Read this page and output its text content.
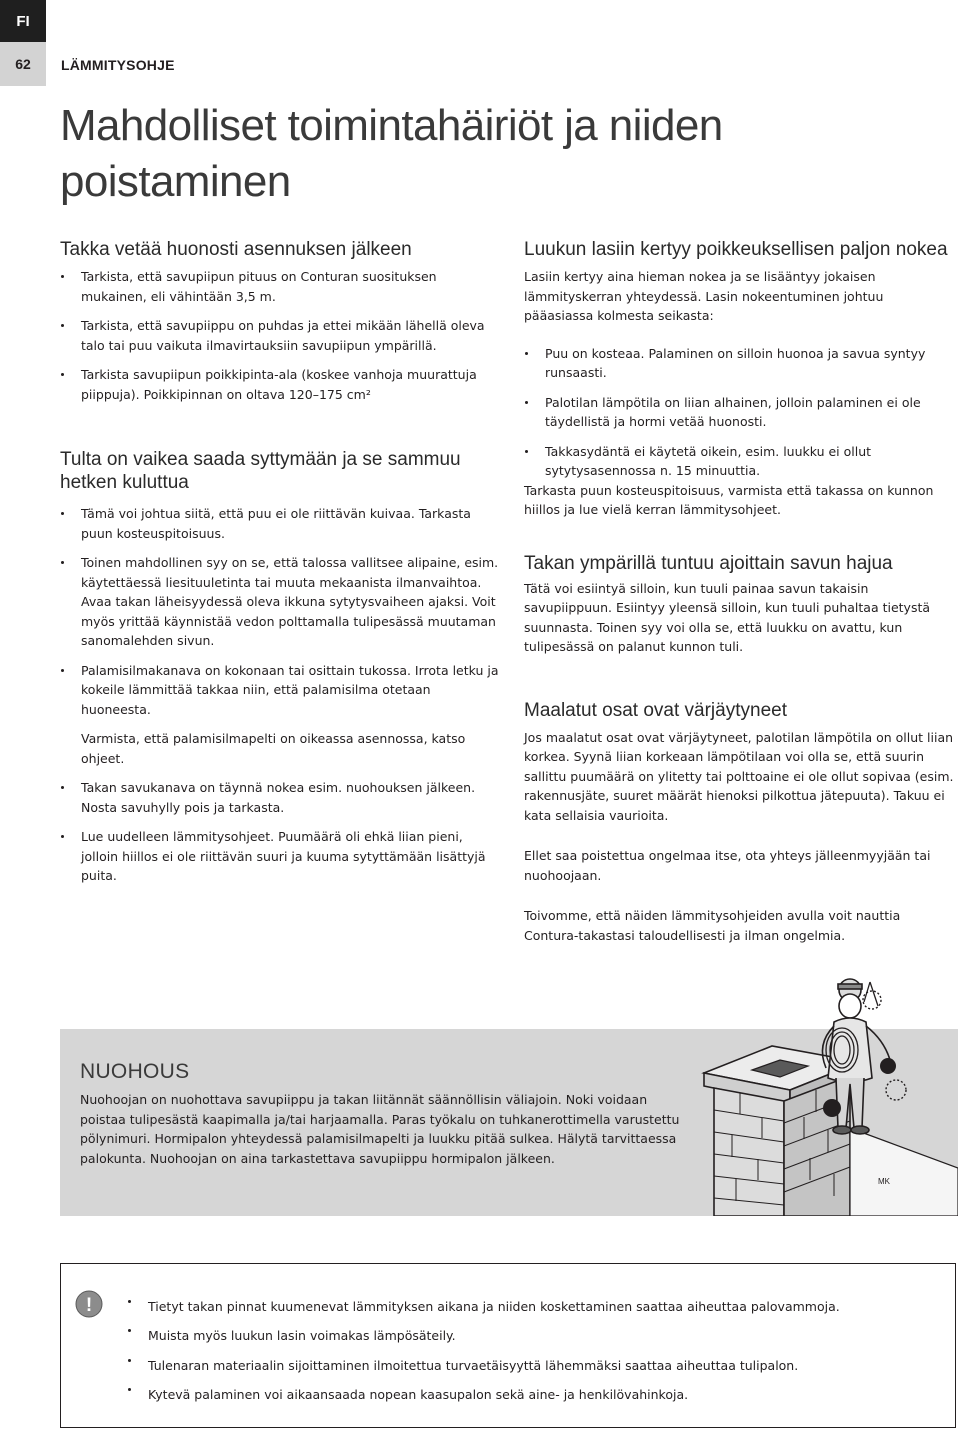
FI
62	LÄMMITYSOHJE
Mahdolliset toimintahäiriöt ja niiden poistaminen
Takka vetää huonosti asennuksen jälkeen
Tarkista, että savupiipun pituus on Conturan suosituksen mukainen, eli vähintään 3,5 m.
Tarkista, että savupiippu on puhdas ja ettei mikään lähellä oleva talo tai puu vaikuta ilmavirtauksiin savupiipun ympärillä.
Tarkista savupiipun poikkipinta-ala (koskee vanhoja muurattuja piippuja). Poikkipinnan on oltava 120–175 cm²
Tulta on vaikea saada syttymään ja se sammuu hetken kuluttua
Tämä voi johtua siitä, että puu ei ole riittävän kuivaa. Tarkasta puun kosteuspitoisuus.
Toinen mahdollinen syy on se, että talossa vallitsee alipaine, esim. käytettäessä liesituuletinta tai muuta mekaanista ilmanvaihtoa. Avaa takan läheisyydessä oleva ikkuna sytytysvaiheen ajaksi. Voit myös yrittää käynnistää vedon polttamalla tulipesässä muutaman sanomalehden sivun.
Palamisilmakanava on kokonaan tai osittain tukossa. Irrota letku ja kokeile lämmittää takkaa niin, että palamisilma otetaan huoneesta.

Varmista, että palamisilmapelti on oikeassa asennossa, katso ohjeet.

Takan savukanava on täynnä nokea esim. nuohouksen jälkeen. Nosta savuhylly pois ja tarkasta.
Lue uudelleen lämmitysohjeet. Puumäärä oli ehkä liian pieni, jolloin hiillos ei ole riittävän suuri ja kuuma sytyttämään lisättyjä puita.
Luukun lasiin kertyy poikkeuksellisen paljon nokea

Lasiin kertyy aina hieman nokea ja se lisääntyy jokaisen lämmityskerran yhteydessä. Lasin nokeentuminen johtuu pääasiassa kolmesta seikasta:

Puu on kosteaa. Palaminen on silloin huonoa ja savua syntyy runsaasti.
Palotilan lämpötila on liian alhainen, jolloin palaminen ei ole täydellistä ja hormi vetää huonosti.
Takkasydäntä ei käytetä oikein, esim. luukku ei ollut sytytysasennossa n. 15 minuuttia.

Tarkasta puun kosteuspitoisuus, varmista että takassa on kunnon hiillos ja lue vielä kerran lämmitysohjeet.

Takan ympärillä tuntuu ajoittain savun hajua

Tätä voi esiintyä silloin, kun tuuli painaa savun takaisin savupiippuun. Esiintyy yleensä silloin, kun tuuli puhaltaa tietystä suunnasta. Toinen syy voi olla se, että luukku on avattu, kun tulipesässä on palanut kunnon tuli.

Maalatut osat ovat värjäytyneet

Jos maalatut osat ovat värjäytyneet, palotilan lämpötila on ollut liian korkea. Syynä liian korkeaan lämpötilaan voi olla se, että suurin sallittu puumäärä on ylitetty tai polttoaine ei ole ollut sopivaa (esim. rakennusjäte, suuret määrät hienoksi pilkottua jätepuuta). Takuu ei kata sellaisia vaurioita.

Ellet saa poistettua ongelmaa itse, ota yhteys jälleenmyyjään tai nuohoojaan.

Toivomme, että näiden lämmitysohjeiden avulla voit nauttia Contura-takastasi taloudellisesti ja ilman ongelmia.

NUOHOUS

Nuohoojan on nuohottava savupiippu ja takan liitännät säännöllisin väliajoin. Noki voidaan poistaa tulipesästä kaapimalla ja/tai harjaamalla. Paras työkalu on tuhkanerottimella varustettu pölynimuri. Hormipalon yhteydessä palamisilmapelti ja luukku pitää sulkea. Hälytä tarvittaessa palokunta. Nuohoojan on aina tarkastettava savupiippu hormipalon jälkeen.

MK
!	Tietyt takan pinnat kuumenevat lämmityksen aikana ja niiden koskettaminen saattaa aiheuttaa palovammoja.
Muista myös luukun lasin voimakas lämpösäteily.
Tulenaran materiaalin sijoittaminen ilmoitettua turvaetäisyyttä lähemmäksi saattaa aiheuttaa tulipalon.
Kytevä palaminen voi aikaansaada nopean kaasupalon sekä aine- ja henkilövahinkoja.
